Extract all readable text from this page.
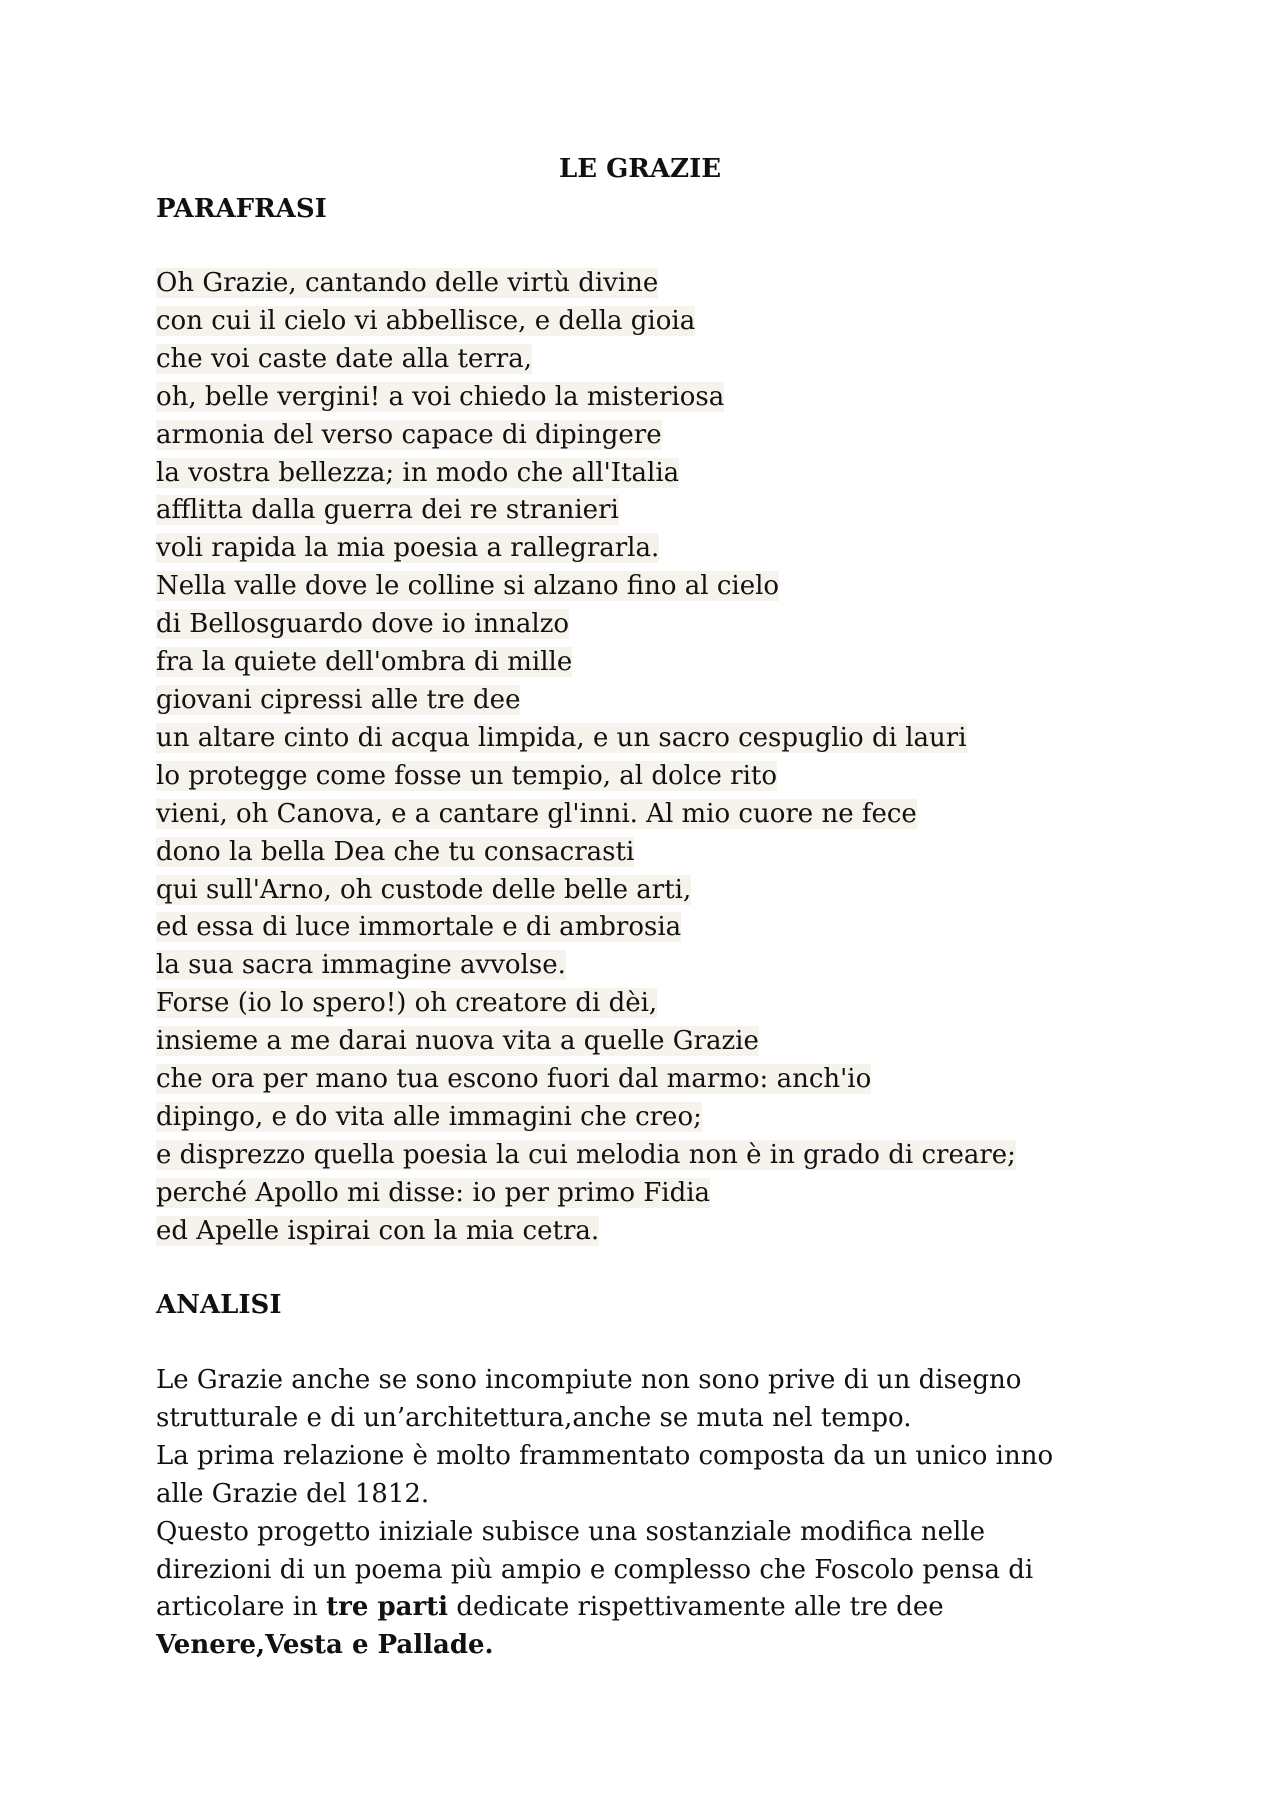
LE GRAZIE
PARAFRASI
Oh Grazie, cantando delle virtù divine
con cui il cielo vi abbellisce, e della gioia
che voi caste date alla terra,
oh, belle vergini! a voi chiedo la misteriosa
armonia del verso capace di dipingere
la vostra bellezza; in modo che all'Italia
afflitta dalla guerra dei re stranieri
voli rapida la mia poesia a rallegrarla.
Nella valle dove le colline si alzano fino al cielo
di Bellosguardo dove io innalzo
fra la quiete dell'ombra di mille
giovani cipressi alle tre dee
un altare cinto di acqua limpida, e un sacro cespuglio di lauri
lo protegge come fosse un tempio, al dolce rito
vieni, oh Canova, e a cantare gl'inni. Al mio cuore ne fece
dono la bella Dea che tu consacrasti
qui sull'Arno, oh custode delle belle arti,
ed essa di luce immortale e di ambrosia
la sua sacra immagine avvolse.
Forse (io lo spero!) oh creatore di dèi,
insieme a me darai nuova vita a quelle Grazie
che ora per mano tua escono fuori dal marmo: anch'io
dipingo, e do vita alle immagini che creo;
e disprezzo quella poesia la cui melodia non è in grado di creare;
perché Apollo mi disse: io per primo Fidia
ed Apelle ispirai con la mia cetra.
ANALISI
Le Grazie anche se sono incompiute non sono prive di un disegno
strutturale e di un’architettura,anche se muta nel tempo.
La prima relazione è molto frammentato composta da un unico inno
alle Grazie del 1812.
Questo progetto iniziale subisce una sostanziale modifica nelle
direzioni di un poema più ampio e complesso che Foscolo pensa di
articolare in tre parti dedicate rispettivamente alle tre dee
Venere,Vesta e Pallade.
